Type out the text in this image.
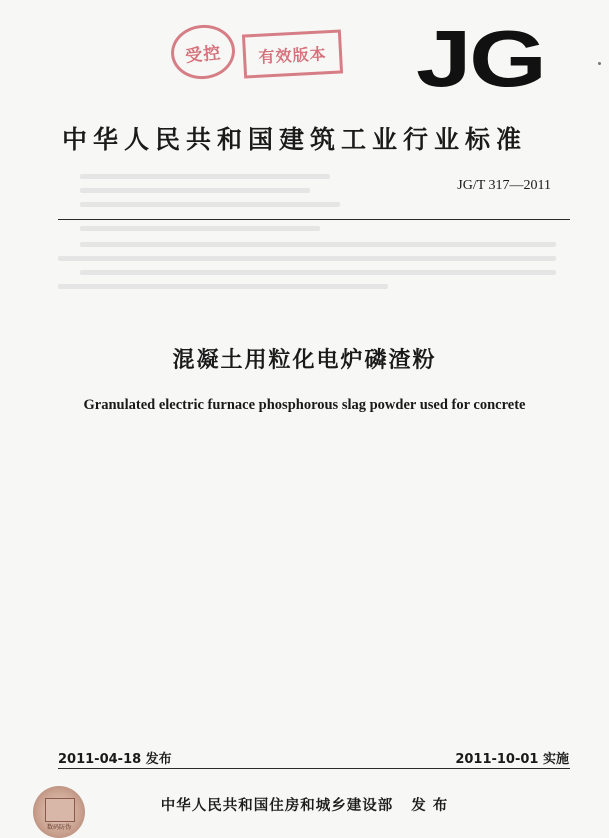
受控 有效版本 JG
中华人民共和国建筑工业行业标准
JG/T 317—2011
混凝土用粒化电炉磷渣粉
Granulated electric furnace phosphorous slag powder used for concrete
2011-04-18 发布	2011-10-01 实施
数码防伪
中华人民共和国住房和城乡建设部 发 布
